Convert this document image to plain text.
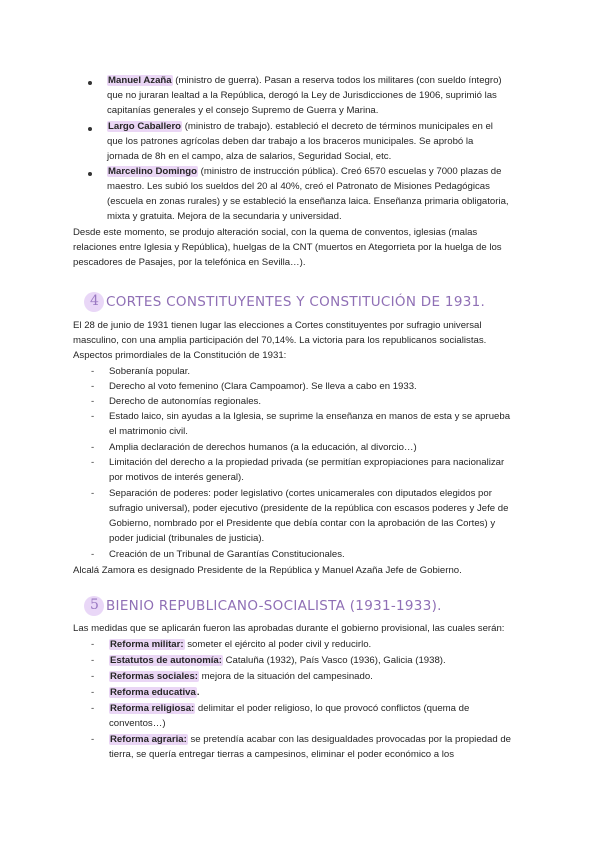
Manuel Azaña (ministro de guerra). Pasan a reserva todos los militares (con sueldo íntegro)
que no juraran lealtad a la República, derogó la Ley de Jurisdicciones de 1906, suprimió las
capitanías generales y el consejo Supremo de Guerra y Marina.
Largo Caballero (ministro de trabajo). estableció el decreto de términos municipales en el
que los patrones agrícolas deben dar trabajo a los braceros municipales. Se aprobó la
jornada de 8h en el campo, alza de salarios, Seguridad Social, etc.
Marcelino Domingo (ministro de instrucción pública). Creó 6570 escuelas y 7000 plazas de
maestro. Les subió los sueldos del 20 al 40%, creó el Patronato de Misiones Pedagógicas
(escuela en zonas rurales) y se estableció la enseñanza laica. Enseñanza primaria obligatoria,
mixta y gratuita. Mejora de la secundaria y universidad.
Desde este momento, se produjo alteración social, con la quema de conventos, iglesias (malas
relaciones entre Iglesia y República), huelgas de la CNT (muertos en Ategorrieta por la huelga de los
pescadores de Pasajes, por la telefónica en Sevilla…).
4 CORTES CONSTITUYENTES Y CONSTITUCIÓN DE 1931.
El 28 de junio de 1931 tienen lugar las elecciones a Cortes constituyentes por sufragio universal
masculino, con una amplia participación del 70,14%. La victoria para los republicanos socialistas.
Aspectos primordiales de la Constitución de 1931:
- Soberanía popular.
- Derecho al voto femenino (Clara Campoamor). Se lleva a cabo en 1933.
- Derecho de autonomías regionales.
- Estado laico, sin ayudas a la Iglesia, se suprime la enseñanza en manos de esta y se aprueba
el matrimonio civil.
- Amplia declaración de derechos humanos (a la educación, al divorcio…)
- Limitación del derecho a la propiedad privada (se permitían expropiaciones para nacionalizar
por motivos de interés general).
- Separación de poderes: poder legislativo (cortes unicamerales con diputados elegidos por
sufragio universal), poder ejecutivo (presidente de la república con escasos poderes y Jefe de
Gobierno, nombrado por el Presidente que debía contar con la aprobación de las Cortes) y
poder judicial (tribunales de justicia).
- Creación de un Tribunal de Garantías Constitucionales.
Alcalá Zamora es designado Presidente de la República y Manuel Azaña Jefe de Gobierno.
5 BIENIO REPUBLICANO-SOCIALISTA (1931-1933).
Las medidas que se aplicarán fueron las aprobadas durante el gobierno provisional, las cuales serán:
- Reforma militar: someter el ejército al poder civil y reducirlo.
- Estatutos de autonomía: Cataluña (1932), País Vasco (1936), Galicia (1938).
- Reformas sociales: mejora de la situación del campesinado.
- Reforma educativa.
- Reforma religiosa: delimitar el poder religioso, lo que provocó conflictos (quema de
conventos…)
- Reforma agraria: se pretendía acabar con las desigualdades provocadas por la propiedad de
tierra, se quería entregar tierras a campesinos, eliminar el poder económico a los
